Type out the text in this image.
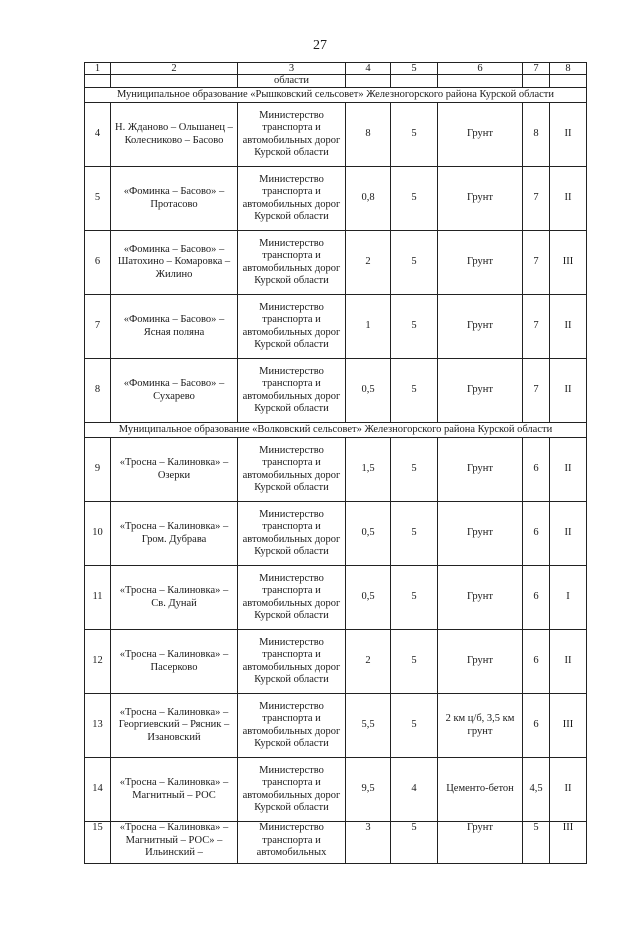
27
1	2	3	4	5	6	7	8
		области					
Муниципальное образование «Рышковский сельсовет» Железногорского района Курской области							
4	Н. Жданово – Ольшанец – Колесниково – Басово	Министерство транспорта и автомобильных дорог Курской области	8	5	Грунт	8	II
5	«Фоминка – Басово» – Протасово	Министерство транспорта и автомобильных дорог Курской области	0,8	5	Грунт	7	II
6	«Фоминка – Басово» – Шатохино – Комаровка – Жилино	Министерство транспорта и автомобильных дорог Курской области	2	5	Грунт	7	III
7	«Фоминка – Басово» – Ясная поляна	Министерство транспорта и автомобильных дорог Курской области	1	5	Грунт	7	II
8	«Фоминка – Басово» – Сухарево	Министерство транспорта и автомобильных дорог Курской области	0,5	5	Грунт	7	II
Муниципальное образование «Волковский сельсовет» Железногорского района Курской области							
9	«Тросна – Калиновка» – Озерки	Министерство транспорта и автомобильных дорог Курской области	1,5	5	Грунт	6	II
10	«Тросна – Калиновка» – Гром. Дубрава	Министерство транспорта и автомобильных дорог Курской области	0,5	5	Грунт	6	II
11	«Тросна – Калиновка» – Св. Дунай	Министерство транспорта и автомобильных дорог Курской области	0,5	5	Грунт	6	I
12	«Тросна – Калиновка» – Пасерково	Министерство транспорта и автомобильных дорог Курской области	2	5	Грунт	6	II
13	«Тросна – Калиновка» – Георгиевский – Рясник – Изановский	Министерство транспорта и автомобильных дорог Курской области	5,5	5	2 км ц/б, 3,5 км грунт	6	III
14	«Тросна – Калиновка» – Магнитный – РОС	Министерство транспорта и автомобильных дорог Курской области	9,5	4	Цементо-бетон	4,5	II
15	«Тросна – Калиновка» – Магнитный – РОС» – Ильинский –	Министерство транспорта и автомобильных	3	5	Грунт	5	III
